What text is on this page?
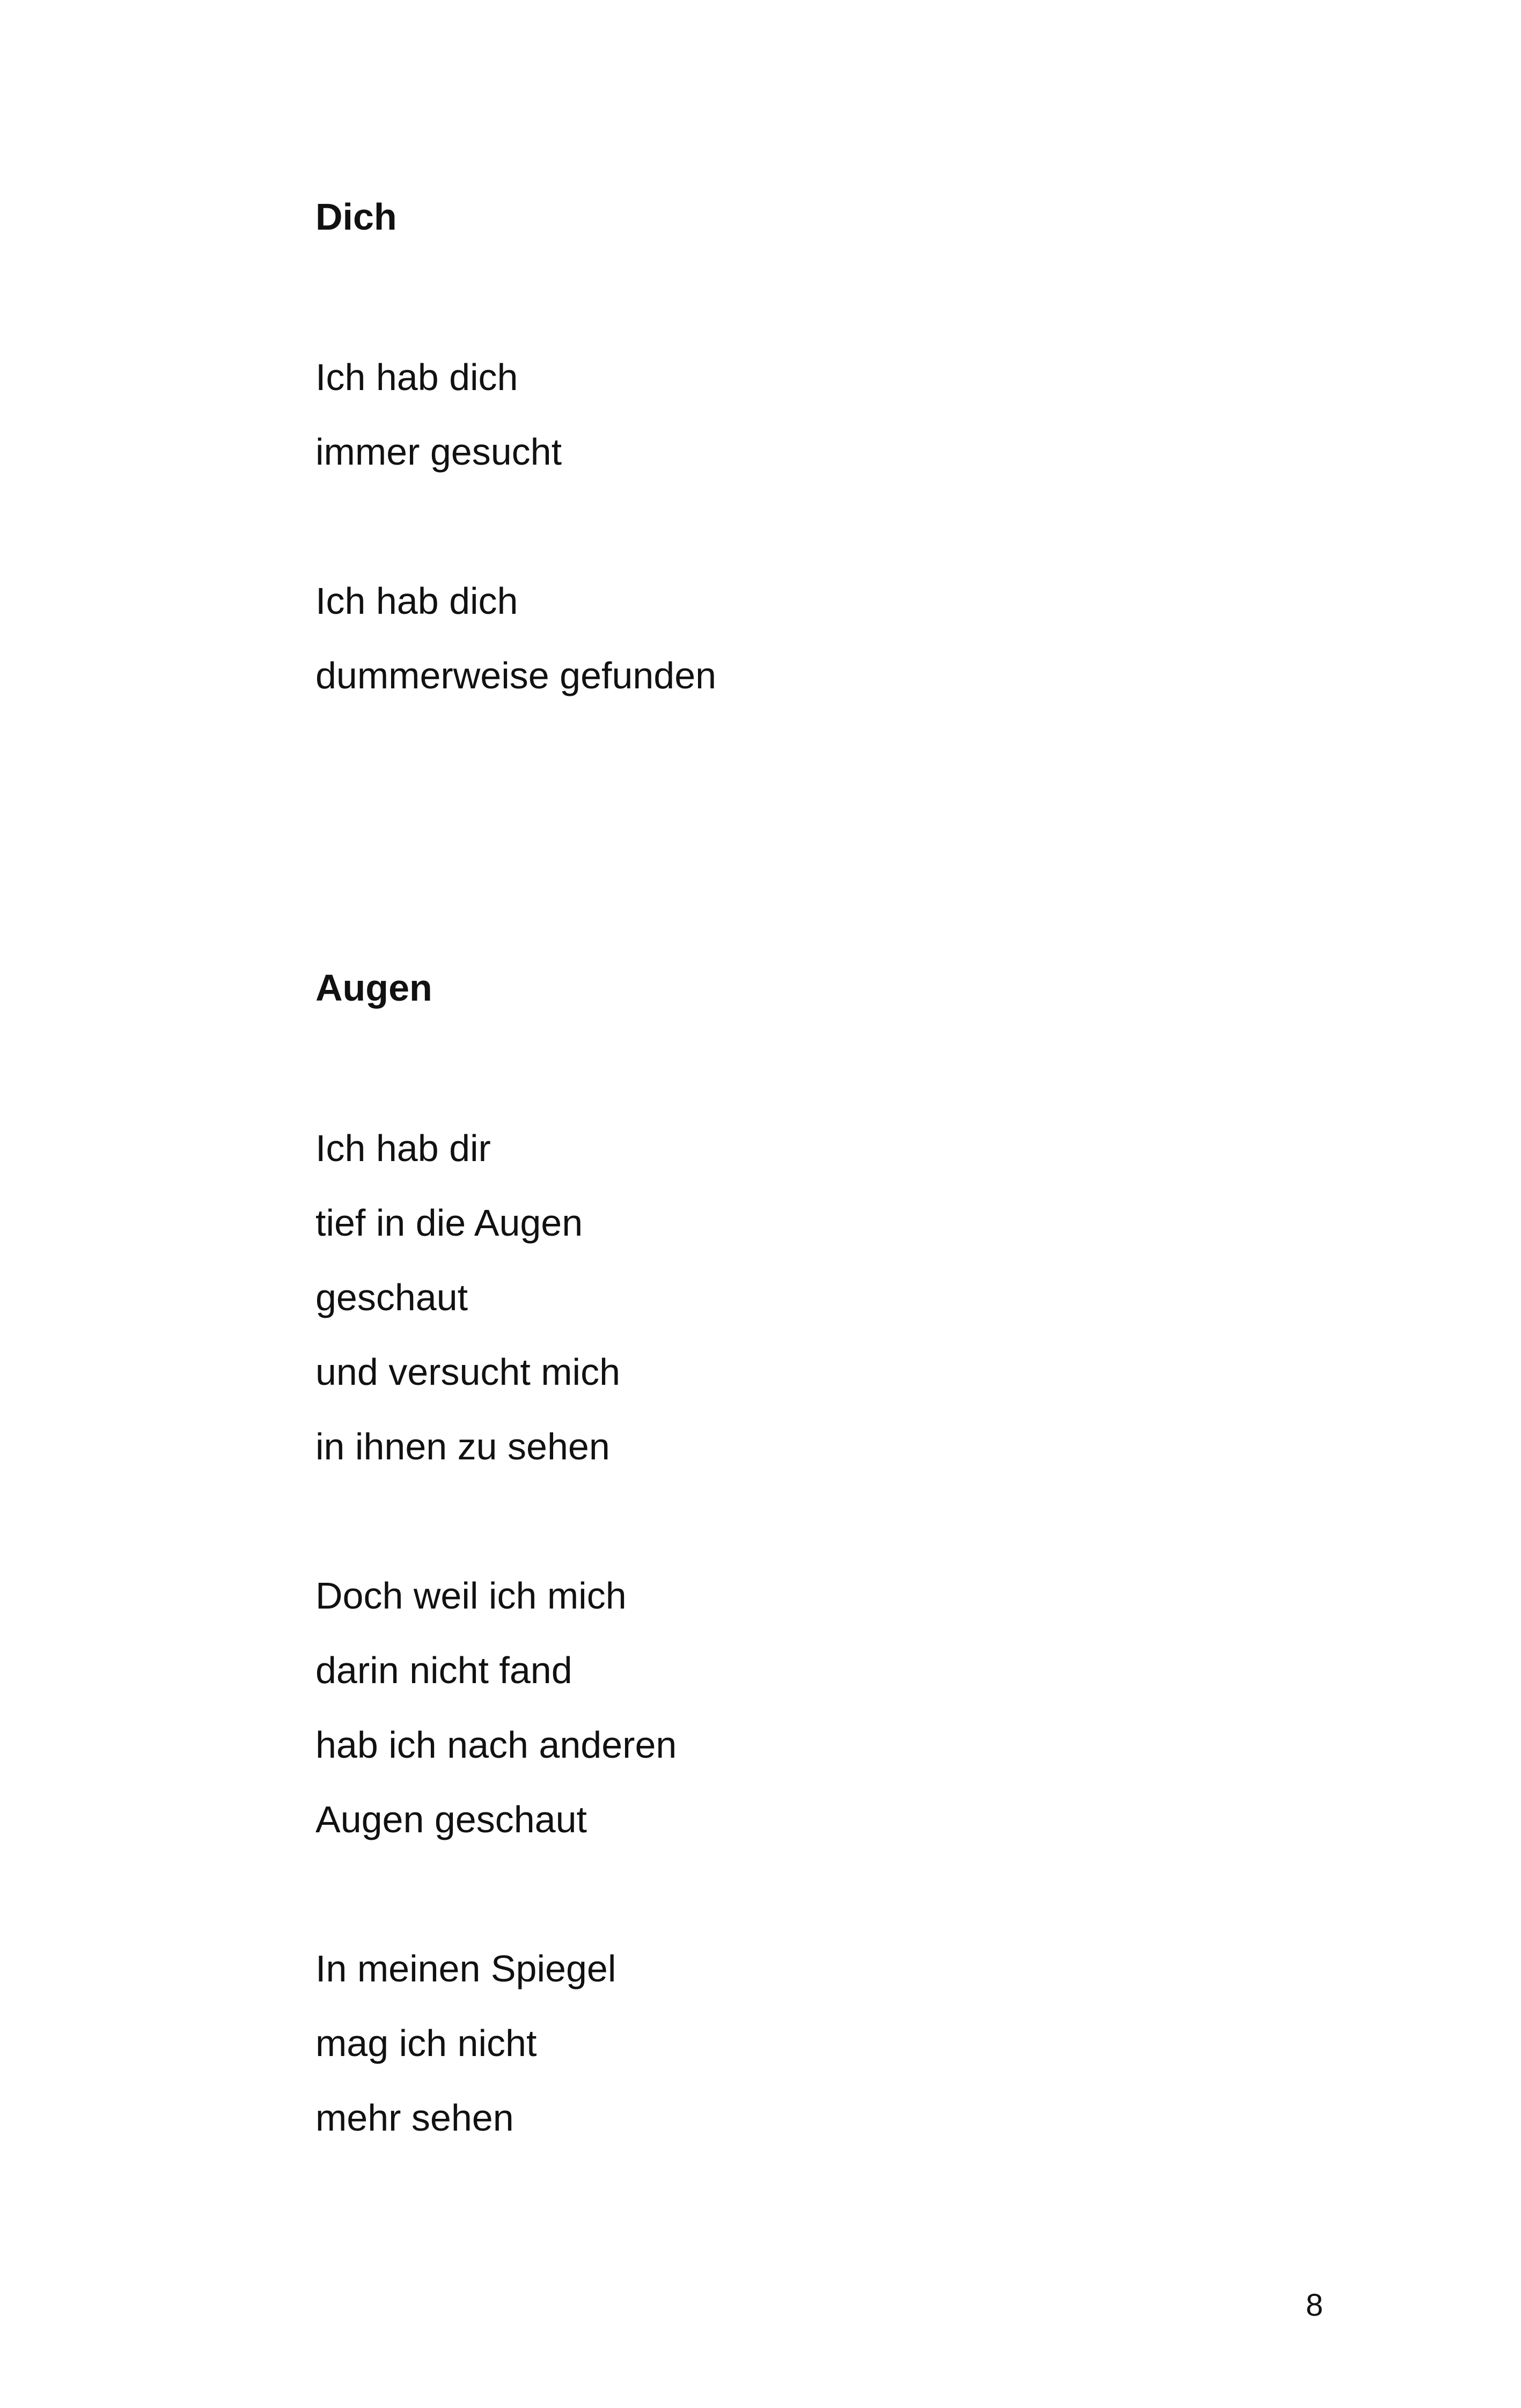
Dich

Ich hab dich
immer gesucht

Ich hab dich
dummerweise gefunden

Augen

Ich hab dir
tief in die Augen
geschaut
und versucht mich
in ihnen zu sehen

Doch weil ich mich
darin nicht fand
hab ich nach anderen
Augen geschaut

In meinen Spiegel
mag ich nicht
mehr sehen

8
